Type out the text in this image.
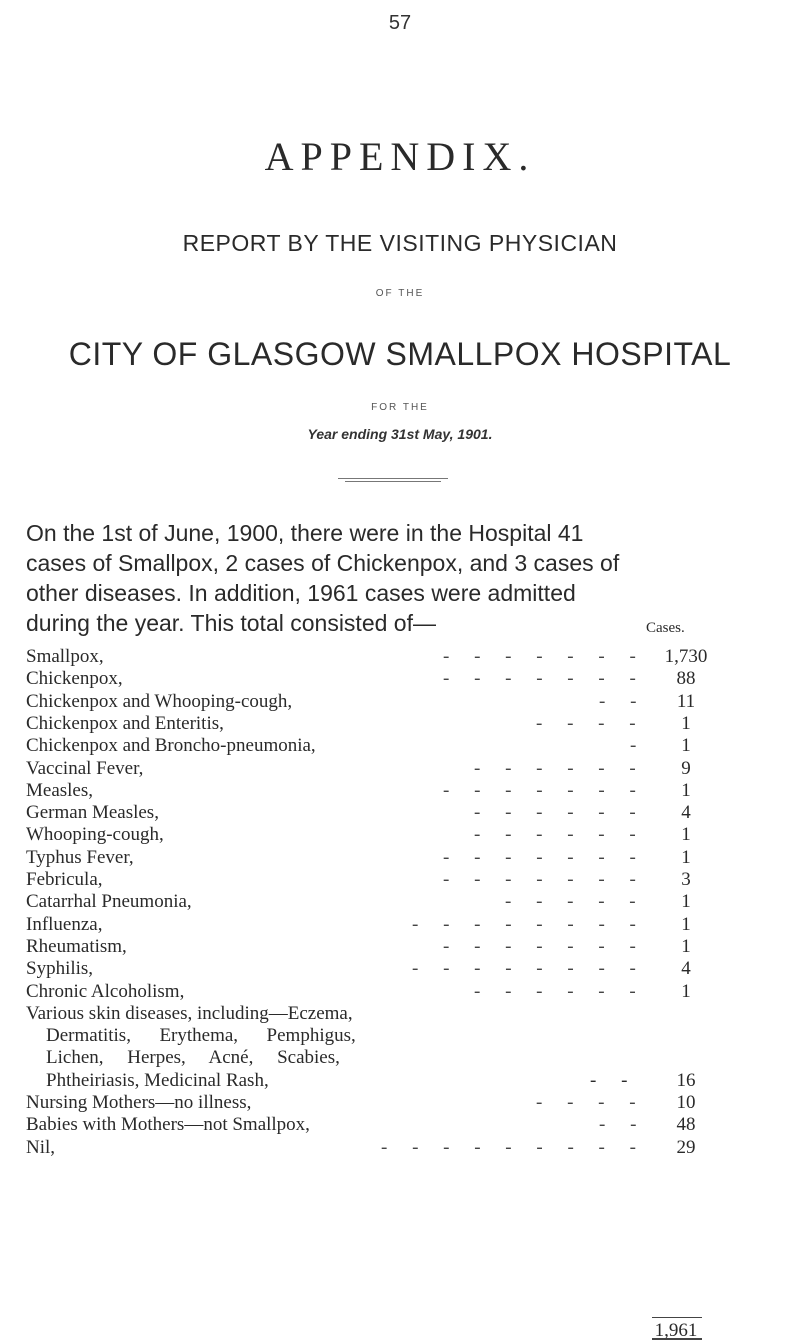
57
APPENDIX.
REPORT BY THE VISITING PHYSICIAN
OF THE
CITY OF GLASGOW SMALLPOX HOSPITAL
FOR THE
Year ending 31st May, 1901.
On the 1st of June, 1900, there were in the Hospital 41
cases of Smallpox, 2 cases of Chickenpox, and 3 cases of
other diseases. In addition, 1961 cases were admitted
during the year. This total consisted of—	Cases.
Smallpox,	- - - - - - - 1,730
Chickenpox,	- - - - - - -	88
Chickenpox and Whooping-cough,	- -	11
Chickenpox and Enteritis,	- - - -	1
Chickenpox and Broncho-pneumonia,	-	1
Vaccinal Fever,	- - - - - -	9
Measles,	- - - - - - -	1
German Measles,	- - - - - -	4
Whooping-cough,	- - - - - -	1
Typhus Fever,	- - - - - - -	1
Febricula,	- - - - - - -	3
Catarrhal Pneumonia,	- - - - -	1
Influenza,	- - - - - - - -	1
Rheumatism,	- - - - - - -	1
Syphilis,	- - - - - - - -	4
Chronic Alcoholism,	- - - - - -	1
Various skin diseases, including—Eczema,
Dermatitis,      Erythema,      Pemphigus,
Lichen,     Herpes,     Acné,     Scabies,
Phtheiriasis, Medicinal Rash,	- -	16
Nursing Mothers—no illness,	- - - -	10
Babies with Mothers—not Smallpox,	- -	48
Nil,	- - - - - - - - -	29
1,961
